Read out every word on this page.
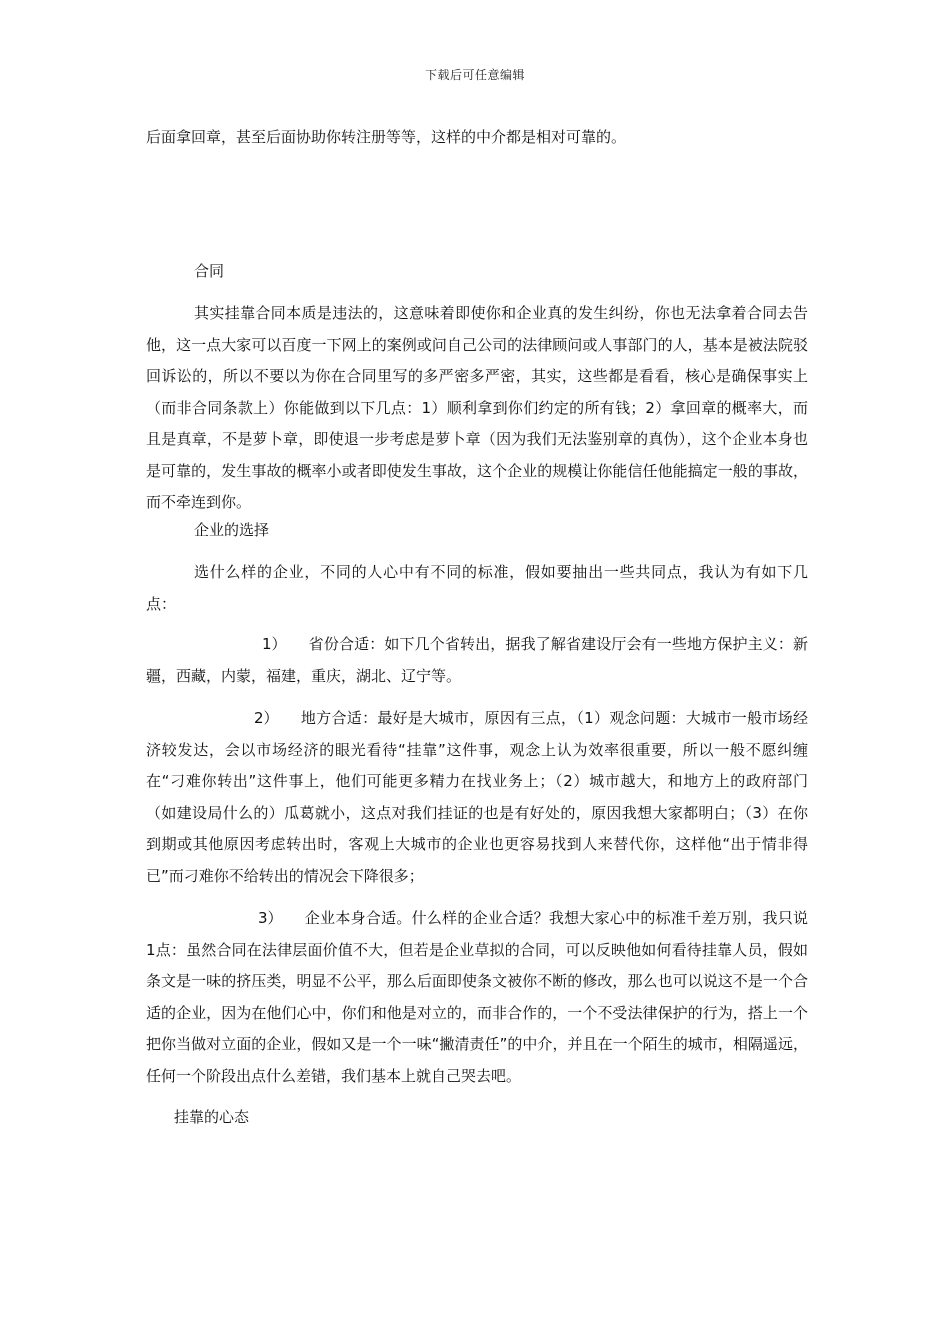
下载后可任意编辑

后面拿回章，甚至后面协助你转注册等等，这样的中介都是相对可靠的。

合同

其实挂靠合同本质是违法的，这意味着即使你和企业真的发生纠纷，你也无法拿着合同去告他，这一点大家可以百度一下网上的案例或问自己公司的法律顾问或人事部门的人，基本是被法院驳回诉讼的，所以不要以为你在合同里写的多严密多严密，其实，这些都是看看，核心是确保事实上（而非合同条款上）你能做到以下几点：1）顺利拿到你们约定的所有钱；2）拿回章的概率大，而且是真章，不是萝卜章，即使退一步考虑是萝卜章（因为我们无法鉴别章的真伪），这个企业本身也是可靠的，发生事故的概率小或者即使发生事故，这个企业的规模让你能信任他能搞定一般的事故，而不牵连到你。

企业的选择

选什么样的企业，不同的人心中有不同的标准，假如要抽出一些共同点，我认为有如下几点：

1） 省份合适：如下几个省转出，据我了解省建设厅会有一些地方保护主义：新疆，西藏，内蒙，福建，重庆，湖北、辽宁等。

2） 地方合适：最好是大城市，原因有三点，（1）观念问题：大城市一般市场经济较发达，会以市场经济的眼光看待“挂靠”这件事，观念上认为效率很重要，所以一般不愿纠缠在“刁难你转出”这件事上，他们可能更多精力在找业务上；（2）城市越大，和地方上的政府部门（如建设局什么的）瓜葛就小，这点对我们挂证的也是有好处的，原因我想大家都明白；（3）在你到期或其他原因考虑转出时，客观上大城市的企业也更容易找到人来替代你，这样他“出于情非得已”而刁难你不给转出的情况会下降很多；

3） 企业本身合适。什么样的企业合适？我想大家心中的标准千差万别，我只说1点：虽然合同在法律层面价值不大，但若是企业草拟的合同，可以反映他如何看待挂靠人员，假如条文是一味的挤压类，明显不公平，那么后面即使条文被你不断的修改，那么也可以说这不是一个合适的企业，因为在他们心中，你们和他是对立的，而非合作的，一个不受法律保护的行为，搭上一个把你当做对立面的企业，假如又是一个一味“撇清责任”的中介，并且在一个陌生的城市，相隔遥远，任何一个阶段出点什么差错，我们基本上就自己哭去吧。

挂靠的心态
